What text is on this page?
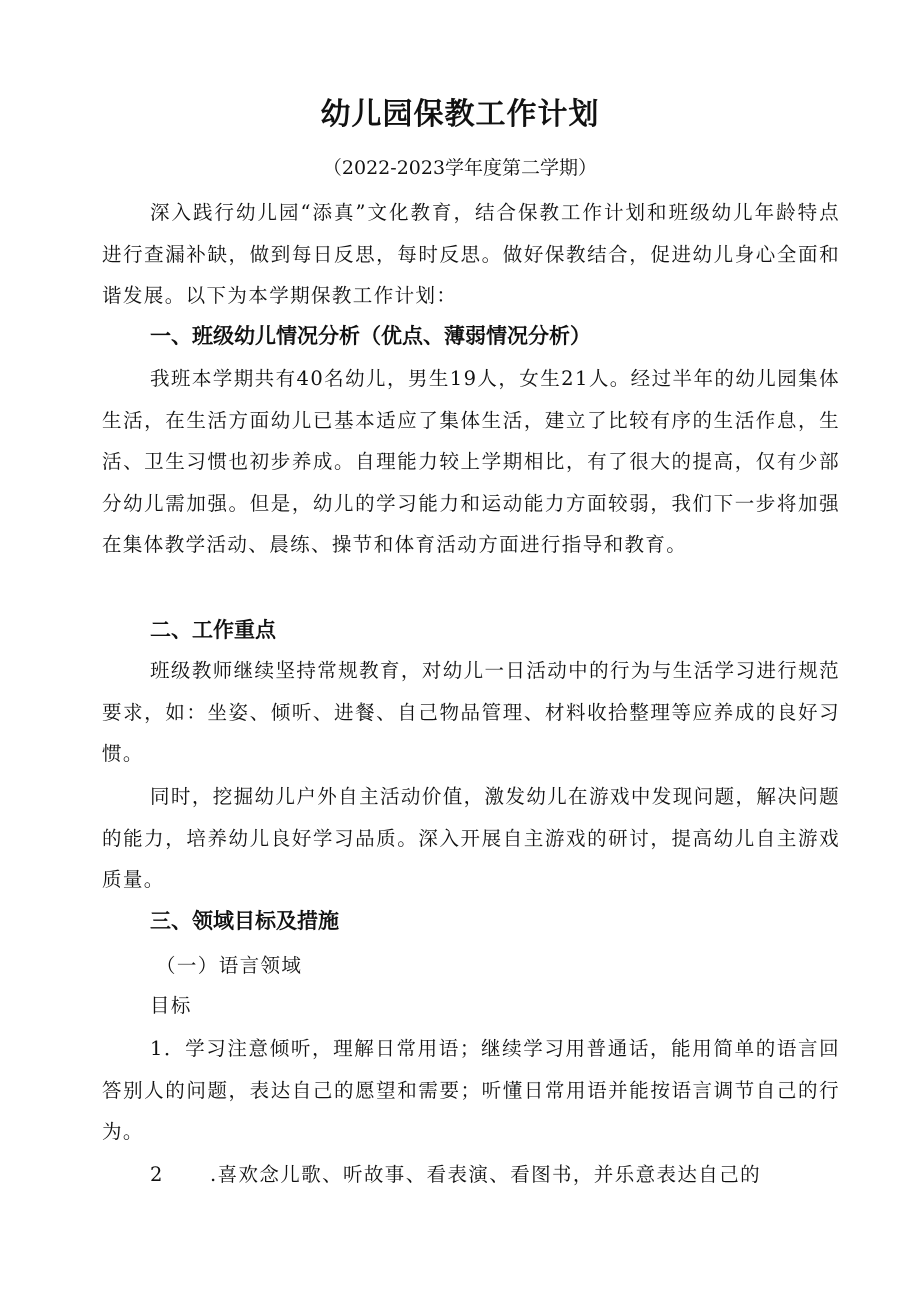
幼儿园保教工作计划
（2022-2023学年度第二学期）

深入践行幼儿园“添真”文化教育，结合保教工作计划和班级幼儿年龄特点进行查漏补缺，做到每日反思，每时反思。做好保教结合，促进幼儿身心全面和谐发展。以下为本学期保教工作计划：

一、班级幼儿情况分析（优点、薄弱情况分析）

我班本学期共有40名幼儿，男生19人，女生21人。经过半年的幼儿园集体生活，在生活方面幼儿已基本适应了集体生活，建立了比较有序的生活作息，生活、卫生习惯也初步养成。自理能力较上学期相比，有了很大的提高，仅有少部分幼儿需加强。但是，幼儿的学习能力和运动能力方面较弱，我们下一步将加强在集体教学活动、晨练、操节和体育活动方面进行指导和教育。

二、工作重点

班级教师继续坚持常规教育，对幼儿一日活动中的行为与生活学习进行规范要求，如：坐姿、倾听、进餐、自己物品管理、材料收拾整理等应养成的良好习惯。

同时，挖掘幼儿户外自主活动价值，激发幼儿在游戏中发现问题，解决问题的能力，培养幼儿良好学习品质。深入开展自主游戏的研讨，提高幼儿自主游戏质量。

三、领域目标及措施

（一）语言领域

目标

1．学习注意倾听，理解日常用语；继续学习用普通话，能用简单的语言回答别人的问题，表达自己的愿望和需要；听懂日常用语并能按语言调节自己的行为。

2 .喜欢念儿歌、听故事、看表演、看图书，并乐意表达自己的
